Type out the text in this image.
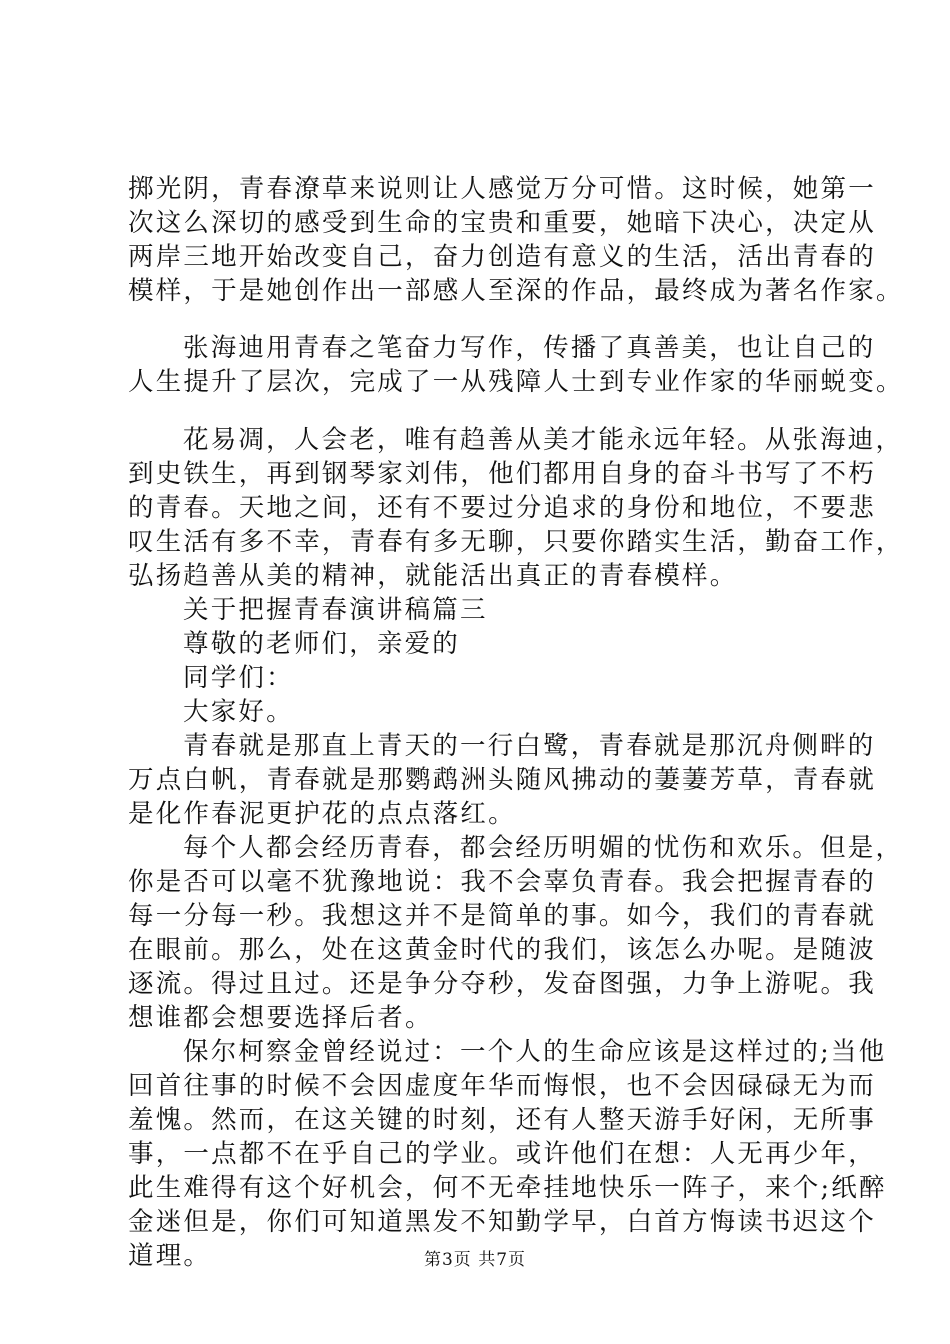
掷光阴，青春潦草来说则让人感觉万分可惜。这时候，她第一
次这么深切的感受到生命的宝贵和重要，她暗下决心，决定从
两岸三地开始改变自己，奋力创造有意义的生活，活出青春的
模样，于是她创作出一部感人至深的作品，最终成为著名作家。
张海迪用青春之笔奋力写作，传播了真善美，也让自己的
人生提升了层次，完成了一从残障人士到专业作家的华丽蜕变。
花易凋，人会老，唯有趋善从美才能永远年轻。从张海迪，
到史铁生，再到钢琴家刘伟，他们都用自身的奋斗书写了不朽
的青春。天地之间，还有不要过分追求的身份和地位，不要悲
叹生活有多不幸，青春有多无聊，只要你踏实生活，勤奋工作，
弘扬趋善从美的精神，就能活出真正的青春模样。
关于把握青春演讲稿篇三
尊敬的老师们，亲爱的
同学们：
大家好。
青春就是那直上青天的一行白鹭，青春就是那沉舟侧畔的
万点白帆，青春就是那鹦鹉洲头随风拂动的萋萋芳草，青春就
是化作春泥更护花的点点落红。
每个人都会经历青春，都会经历明媚的忧伤和欢乐。但是，
你是否可以毫不犹豫地说：我不会辜负青春。我会把握青春的
每一分每一秒。我想这并不是简单的事。如今，我们的青春就
在眼前。那么，处在这黄金时代的我们，该怎么办呢。是随波
逐流。得过且过。还是争分夺秒，发奋图强，力争上游呢。我
想谁都会想要选择后者。
保尔柯察金曾经说过：一个人的生命应该是这样过的;当他
回首往事的时候不会因虚度年华而悔恨，也不会因碌碌无为而
羞愧。然而，在这关键的时刻，还有人整天游手好闲，无所事
事，一点都不在乎自己的学业。或许他们在想：人无再少年，
此生难得有这个好机会，何不无牵挂地快乐一阵子，来个;纸醉
金迷但是，你们可知道黑发不知勤学早，白首方悔读书迟这个
道理。	第3页 共7页
